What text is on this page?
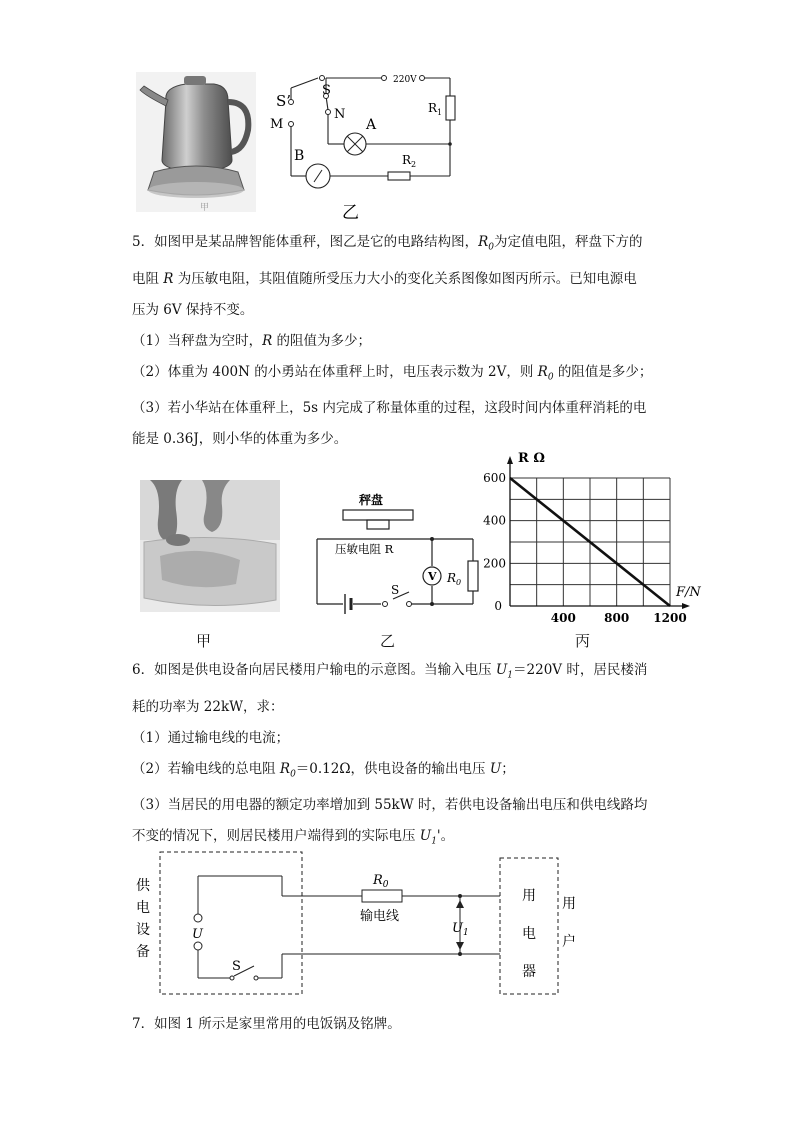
甲
S’
M
S
N
A
B
220V
$R_1$
$R_2$
乙
5．如图甲是某品牌智能体重秤，图乙是它的电路结构图，$R_0$为定值电阻，秤盘下方的
电阻 R 为压敏电阻，其阻值随所受压力大小的变化关系图像如图丙所示。已知电源电
压为 6V 保持不变。
（1）当秤盘为空时，R 的阻值为多少；
（2）体重为 400N 的小勇站在体重秤上时，电压表示数为 2V，则 $R_0$ 的阻值是多少；
（3）若小华站在体重秤上，5s 内完成了称量体重的过程，这段时间内体重秤消耗的电
能是 0.36J，则小华的体重为多少。
V
秤盘
压敏电阻 R
$R_0$
S
400 800 1200
200
400
600
0
F/N
R Ω
甲	乙	丙
6．如图是供电设备向居民楼用户输电的示意图。当输入电压 $U_1=220V$ 时，居民楼消
耗的功率为 22kW，求：
（1）通过输电线的电流；
（2）若输电线的总电阻 $R_0=0.12\Omega$，供电设备的输出电压 U；
（3）当居民的用电器的额定功率增加到 55kW 时，若供电设备输出电压和供电线路均
不变的情况下，则居民楼用户端得到的实际电压 $U_1'$。
供
电
设
备
U
S
$R_0$
输电线
$U_1$
用
电
器
用
户
7．如图 1 所示是家里常用的电饭锅及铭牌。
